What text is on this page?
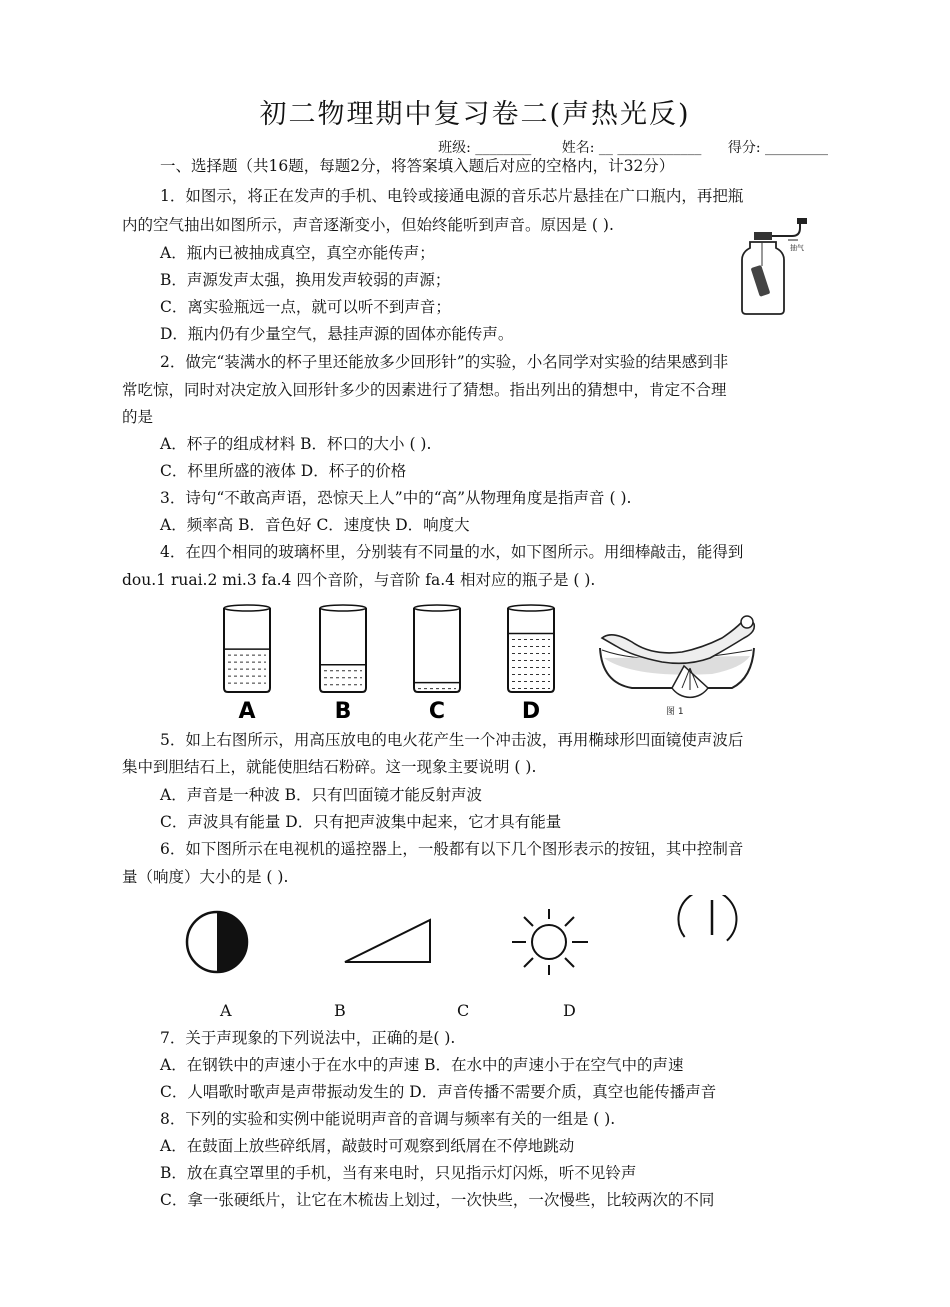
初二物理期中复习卷二(声热光反)
班级: ________ 姓名: __ ____________ 得分: _________
一、选择题（共16题，每题2分，将答案填入题后对应的空格内，计32分）
1．如图示，将正在发声的手机、电铃或接通电源的音乐芯片悬挂在广口瓶内，再把瓶
内的空气抽出如图所示，声音逐渐变小，但始终能听到声音。原因是 ( ).
A．瓶内已被抽成真空，真空亦能传声；
B．声源发声太强，换用发声较弱的声源；
C．离实验瓶远一点，就可以听不到声音；
D．瓶内仍有少量空气，悬挂声源的固体亦能传声。
抽气
2．做完“装满水的杯子里还能放多少回形针”的实验，小名同学对实验的结果感到非
常吃惊，同时对决定放入回形针多少的因素进行了猜想。指出列出的猜想中，肯定不合理
的是
A．杯子的组成材料 B．杯口的大小 ( ).
C．杯里所盛的液体 D．杯子的价格
3．诗句“不敢高声语，恐惊天上人”中的“高”从物理角度是指声音 ( ).
A．频率高 B．音色好 C．速度快 D．响度大
4．在四个相同的玻璃杯里，分别装有不同量的水，如下图所示。用细棒敲击，能得到
dou.1 ruai.2 mi.3 fa.4 四个音阶，与音阶 fa.4 相对应的瓶子是 ( ).
A	B	C	D	图 1
5．如上右图所示，用高压放电的电火花产生一个冲击波，再用椭球形凹面镜使声波后
集中到胆结石上，就能使胆结石粉碎。这一现象主要说明 ( ).
A．声音是一种波 B．只有凹面镜才能反射声波
C．声波具有能量 D．只有把声波集中起来，它才具有能量
6．如下图所示在电视机的遥控器上，一般都有以下几个图形表示的按钮，其中控制音
量（响度）大小的是 ( ).
A	B	C	D
7．关于声现象的下列说法中，正确的是( ).
A．在钢铁中的声速小于在水中的声速 B．在水中的声速小于在空气中的声速
C．人唱歌时歌声是声带振动发生的 D．声音传播不需要介质，真空也能传播声音
8．下列的实验和实例中能说明声音的音调与频率有关的一组是 ( ).
A．在鼓面上放些碎纸屑，敲鼓时可观察到纸屑在不停地跳动
B．放在真空罩里的手机，当有来电时，只见指示灯闪烁，听不见铃声
C．拿一张硬纸片，让它在木梳齿上划过，一次快些，一次慢些，比较两次的不同
